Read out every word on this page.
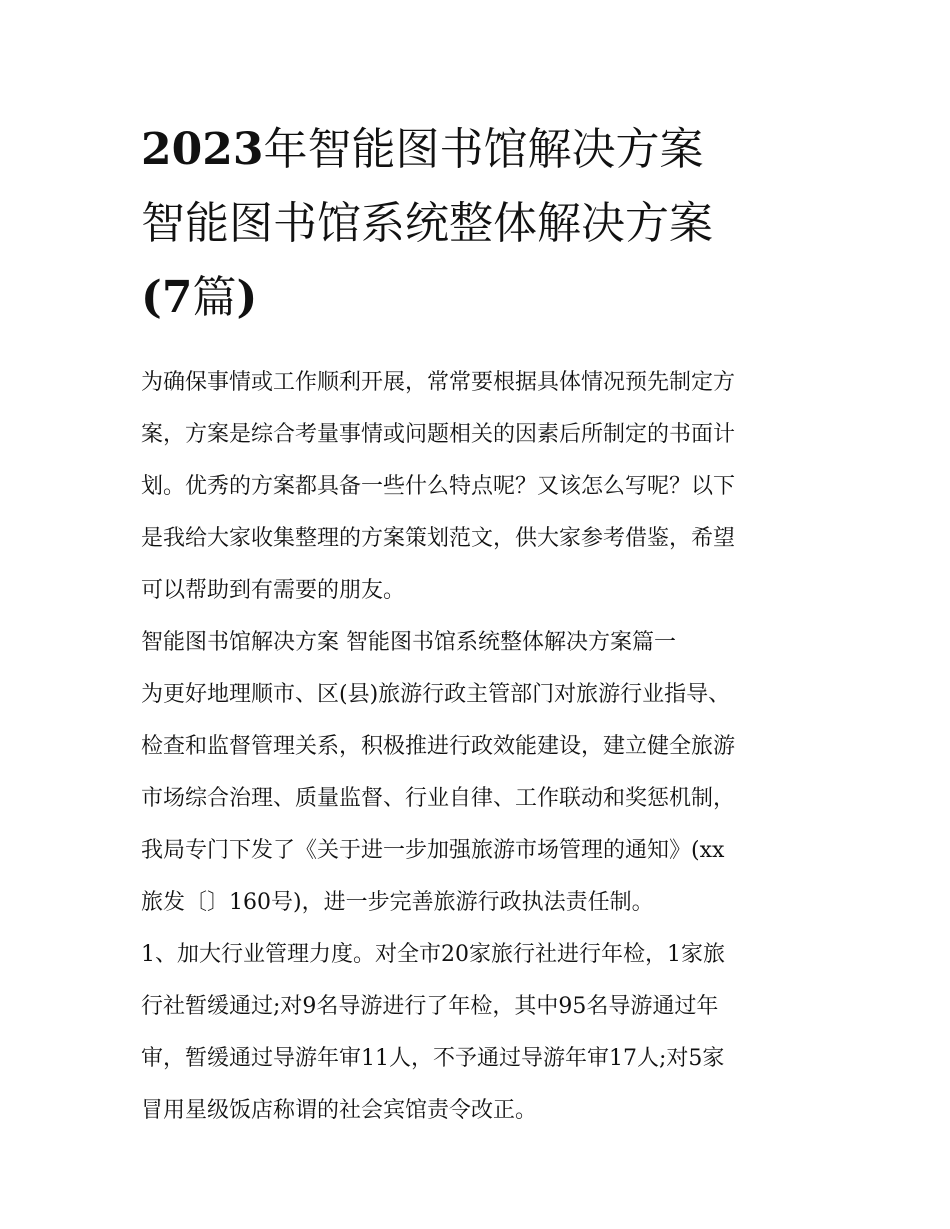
2023年智能图书馆解决方案
智能图书馆系统整体解决方案
(7篇)
为确保事情或工作顺利开展，常常要根据具体情况预先制定方
案，方案是综合考量事情或问题相关的因素后所制定的书面计
划。优秀的方案都具备一些什么特点呢？又该怎么写呢？以下
是我给大家收集整理的方案策划范文，供大家参考借鉴，希望
可以帮助到有需要的朋友。
智能图书馆解决方案 智能图书馆系统整体解决方案篇一
为更好地理顺市、区(县)旅游行政主管部门对旅游行业指导、
检查和监督管理关系，积极推进行政效能建设，建立健全旅游
市场综合治理、质量监督、行业自律、工作联动和奖惩机制，
我局专门下发了《关于进一步加强旅游市场管理的通知》(xx
旅发〔〕160号)，进一步完善旅游行政执法责任制。
1、加大行业管理力度。对全市20家旅行社进行年检，1家旅
行社暂缓通过;对9名导游进行了年检，其中95名导游通过年
审，暂缓通过导游年审11人，不予通过导游年审17人;对5家
冒用星级饭店称谓的社会宾馆责令改正。
